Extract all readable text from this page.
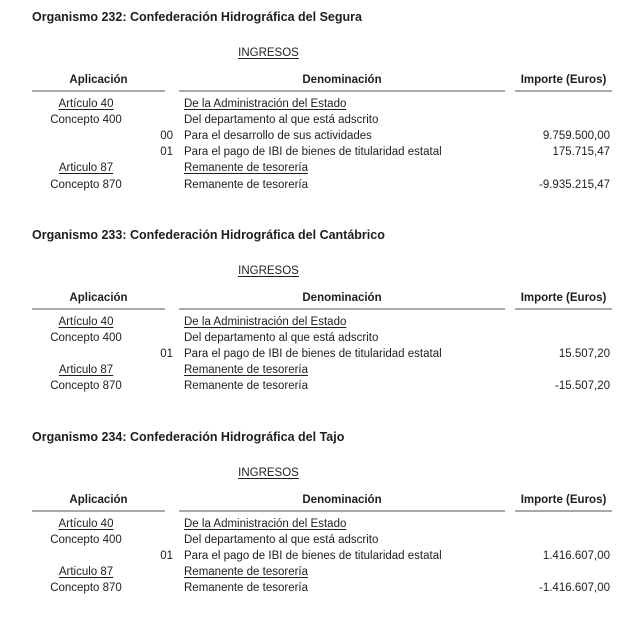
Organismo 232: Confederación Hidrográfica del Segura
INGRESOS
Aplicación	Denominación	Importe (Euros)
Artículo 40	De la Administración del Estado
Concepto 400	Del departamento al que está adscrito
00 Para el desarrollo de sus actividades	9.759.500,00
01 Para el pago de IBI de bienes de titularidad estatal	175.715,47
Articulo 87	Remanente de tesorería
Concepto 870	Remanente de tesorería	-9.935.215,47
Organismo 233: Confederación Hidrográfica del Cantábrico
INGRESOS
Aplicación	Denominación	Importe (Euros)
Artículo 40	De la Administración del Estado
Concepto 400	Del departamento al que está adscrito
01 Para el pago de IBI de bienes de titularidad estatal	15.507,20
Articulo 87	Remanente de tesorería
Concepto 870	Remanente de tesorería	-15.507,20
Organismo 234: Confederación Hidrográfica del Tajo
INGRESOS
Aplicación	Denominación	Importe (Euros)
Artículo 40	De la Administración del Estado
Concepto 400	Del departamento al que está adscrito
01 Para el pago de IBI de bienes de titularidad estatal	1.416.607,00
Articulo 87	Remanente de tesorería
Concepto 870	Remanente de tesorería	-1.416.607,00
